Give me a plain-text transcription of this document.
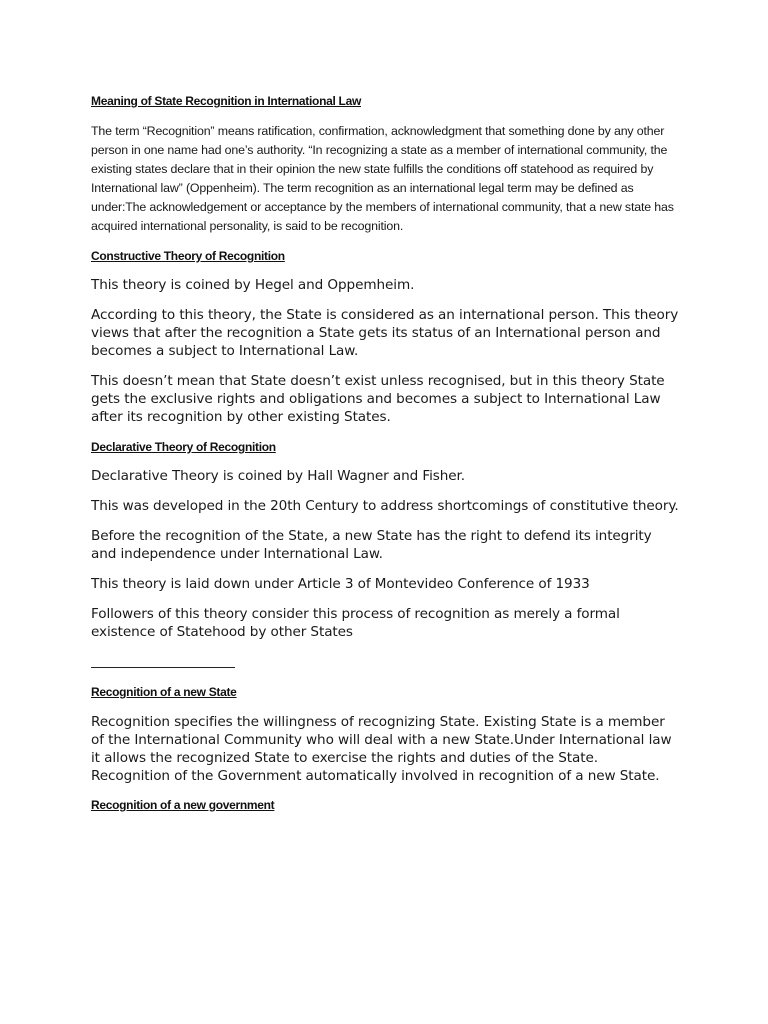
Meaning of State Recognition in International Law

The term “Recognition” means ratification, confirmation, acknowledgment that something done by any other person in one name had one’s authority. “In recognizing a state as a member of international community, the existing states declare that in their opinion the new state fulfills the conditions off statehood as required by International law” (Oppenheim). The term recognition as an international legal term may be defined as under:The acknowledgement or acceptance by the members of international community, that a new state has acquired international personality, is said to be recognition.

Constructive Theory of Recognition

This theory is coined by Hegel and Oppemheim.

According to this theory, the State is considered as an international person. This theory views that after the recognition a State gets its status of an International person and becomes a subject to International Law.

This doesn’t mean that State doesn’t exist unless recognised, but in this theory State gets the exclusive rights and obligations and becomes a subject to International Law after its recognition by other existing States.

Declarative Theory of Recognition

Declarative Theory is coined by Hall Wagner and Fisher.

This was developed in the 20th Century to address shortcomings of constitutive theory.

Before the recognition of the State, a new State has the right to defend its integrity and independence under International Law.

This theory is laid down under Article 3 of Montevideo Conference of 1933

Followers of this theory consider this process of recognition as merely a formal existence of Statehood by other States

Recognition of a new State

Recognition specifies the willingness of recognizing State. Existing State is a member of the International Community who will deal with a new State.Under International law it allows the recognized State to exercise the rights and duties of the State. Recognition of the Government automatically involved in recognition of a new State.

Recognition of a new government
